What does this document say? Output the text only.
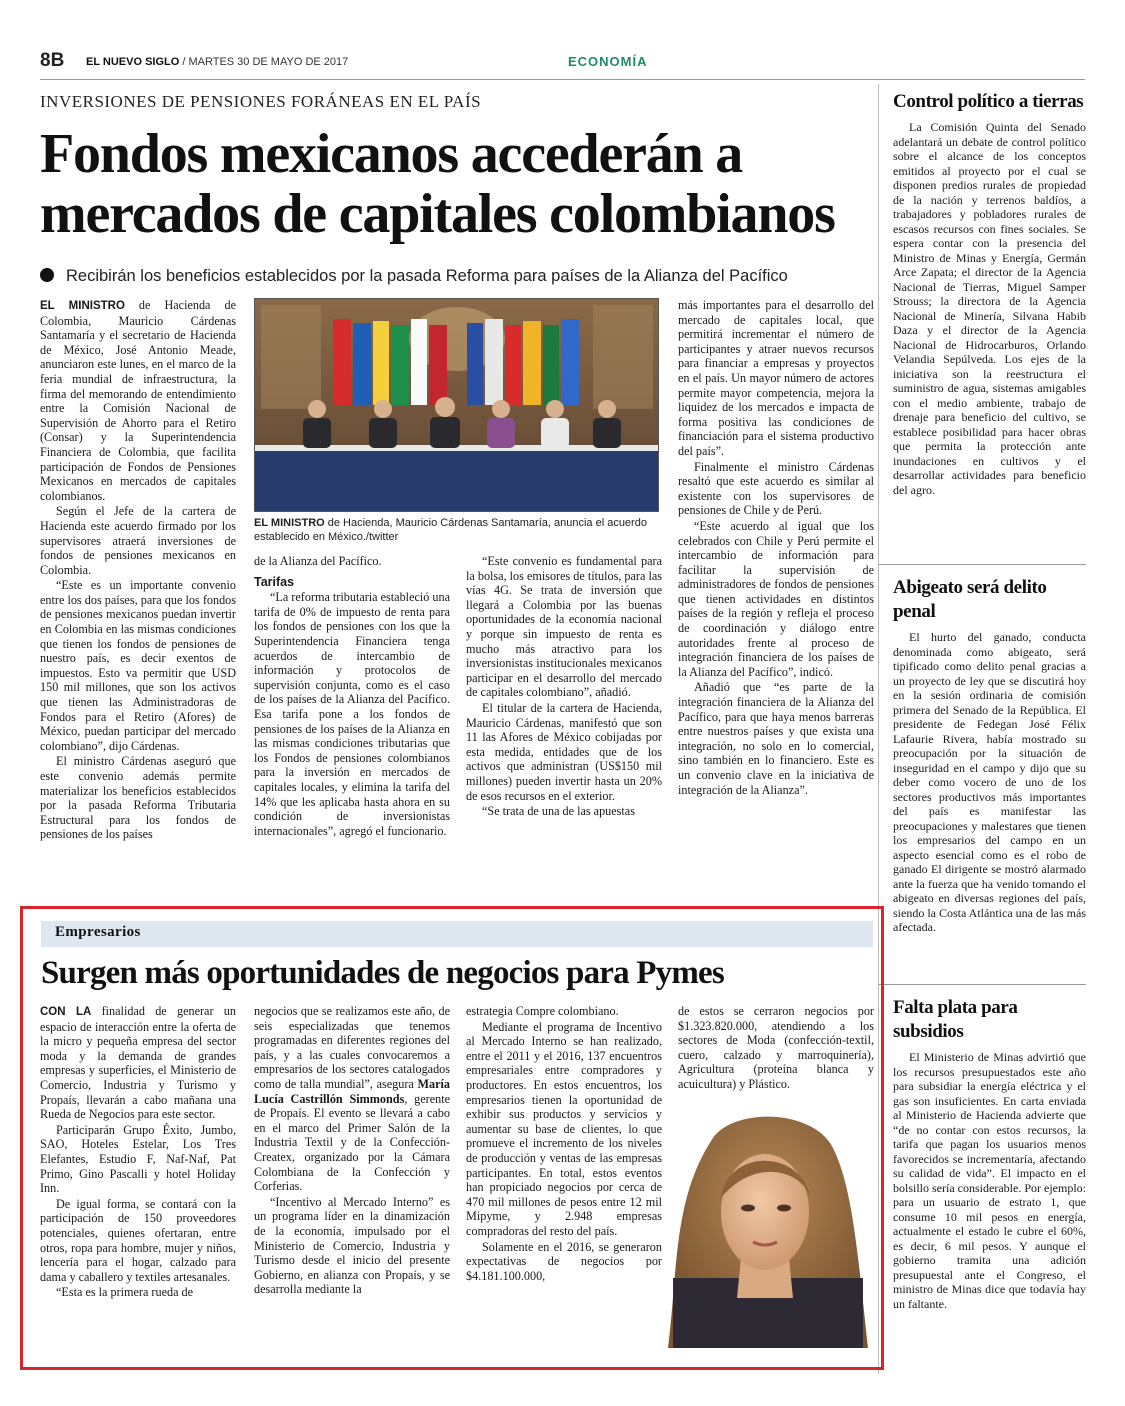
8B EL NUEVO SIGLO / MARTES 30 DE MAYO DE 2017	ECONOMÍA
INVERSIONES DE PENSIONES FORÁNEAS EN EL PAÍS
Fondos mexicanos accederán a mercados de capitales colombianos
Recibirán los beneficios establecidos por la pasada Reforma para países de la Alianza del Pacífico

EL MINISTRO de Hacienda de Colombia, Mauricio Cárdenas Santamaría y el secretario de Hacienda de México, José Antonio Meade, anunciaron este lunes, en el marco de la feria mundial de infraestructura, la firma del memorando de entendimiento entre la Comisión Nacional de Supervisión de Ahorro para el Retiro (Consar) y la Superintendencia Financiera de Colombia, que facilita participación de Fondos de Pensiones Mexicanos en mercados de capitales colombianos.

Según el Jefe de la cartera de Hacienda este acuerdo firmado por los supervisores atraerá inversiones de fondos de pensiones mexicanos en Colombia.

“Este es un importante convenio entre los dos países, para que los fondos de pensiones mexicanos puedan invertir en Colombia en las mismas condiciones que tienen los fondos de pensiones de nuestro país, es decir exentos de impuestos. Esto va permitir que USD 150 mil millones, que son los activos que tienen las Administradoras de Fondos para el Retiro (Afores) de México, puedan participar del mercado colombiano”, dijo Cárdenas.

El ministro Cárdenas aseguró que este convenio además permite materializar los beneficios establecidos por la pasada Reforma Tributaria Estructural para los fondos de pensiones de los países

EL MINISTRO de Hacienda, Mauricio Cárdenas Santamaría, anuncia el acuerdo establecido en México./twitter

de la Alianza del Pacífico.

Tarifas

“La reforma tributaria estableció una tarifa de 0% de impuesto de renta para los fondos de pensiones con los que la Superintendencia Financiera tenga acuerdos de intercambio de información y protocolos de supervisión conjunta, como es el caso de los países de la Alianza del Pacífico. Esa tarifa pone a los fondos de pensiones de los países de la Alianza en las mismas condiciones tributarias que los Fondos de pensiones colombianos para la inversión en mercados de capitales locales, y elimina la tarifa del 14% que les aplicaba hasta ahora en su condición de inversionistas internacionales”, agregó el funcionario.

“Este convenio es fundamental para la bolsa, los emisores de títulos, para las vías 4G. Se trata de inversión que llegará a Colombia por las buenas oportunidades de la economía nacional y porque sin impuesto de renta es mucho más atractivo para los inversionistas institucionales mexicanos participar en el desarrollo del mercado de capitales colombiano”, añadió.

El titular de la cartera de Hacienda, Mauricio Cárdenas, manifestó que son 11 las Afores de México cobijadas por esta medida, entidades que de los activos que administran (US$150 mil millones) pueden invertir hasta un 20% de esos recursos en el exterior.

“Se trata de una de las apuestas

más importantes para el desarrollo del mercado de capitales local, que permitirá incrementar el número de participantes y atraer nuevos recursos para financiar a empresas y proyectos en el país. Un mayor número de actores permite mayor competencia, mejora la liquidez de los mercados e impacta de forma positiva las condiciones de financiación para el sistema productivo del país”.

Finalmente el ministro Cárdenas resaltó que este acuerdo es similar al existente con los supervisores de pensiones de Chile y de Perú.

“Este acuerdo al igual que los celebrados con Chile y Perú permite el intercambio de información para facilitar la supervisión de administradores de fondos de pensiones que tienen actividades en distintos países de la región y refleja el proceso de coordinación y diálogo entre autoridades frente al proceso de integración financiera de los países de la Alianza del Pacífico”, indicó.

Añadió que “es parte de la integración financiera de la Alianza del Pacífico, para que haya menos barreras entre nuestros países y que exista una integración, no solo en lo comercial, sino también en lo financiero. Este es un convenio clave en la iniciativa de integración de la Alianza”.

Control político a tierras

La Comisión Quinta del Senado adelantará un debate de control político sobre el alcance de los conceptos emitidos al proyecto por el cual se disponen predios rurales de propiedad de la nación y terrenos baldíos, a trabajadores y pobladores rurales de escasos recursos con fines sociales. Se espera contar con la presencia del Ministro de Minas y Energía, Germán Arce Zapata; el director de la Agencia Nacional de Tierras, Miguel Samper Strouss; la directora de la Agencia Nacional de Minería, Silvana Habib Daza y el director de la Agencia Nacional de Hidrocarburos, Orlando Velandia Sepúlveda. Los ejes de la iniciativa son la reestructura el suministro de agua, sistemas amigables con el medio ambiente, trabajo de drenaje para beneficio del cultivo, se establece posibilidad para hacer obras que permita la protección ante inundaciones en cultivos y el desarrollar actividades para beneficio del agro.

Abigeato será delito penal

El hurto del ganado, conducta denominada como abigeato, será tipificado como delito penal gracias a un proyecto de ley que se discutirá hoy en la sesión ordinaria de comisión primera del Senado de la República. El presidente de Fedegan José Félix Lafaurie Rivera, había mostrado su preocupación por la situación de inseguridad en el campo y dijo que su deber como vocero de uno de los sectores productivos más importantes del país es manifestar las preocupaciones y malestares que tienen los empresarios del campo en un aspecto esencial como es el robo de ganado El dirigente se mostró alarmado ante la fuerza que ha venido tomando el abigeato en diversas regiones del país, siendo la Costa Atlántica una de las más afectada.

Falta plata para subsidios

El Ministerio de Minas advirtió que los recursos presupuestados este año para subsidiar la energía eléctrica y el gas son insuficientes. En carta enviada al Ministerio de Hacienda advierte que “de no contar con estos recursos, la tarifa que pagan los usuarios menos favorecidos se incrementaría, afectando su calidad de vida”. El impacto en el bolsillo sería considerable. Por ejemplo: para un usuario de estrato 1, que consume 10 mil pesos en energía, actualmente el estado le cubre el 60%, es decir, 6 mil pesos. Y aunque el gobierno tramita una adición presupuestal ante el Congreso, el ministro de Minas dice que todavía hay un faltante.

Empresarios
Surgen más oportunidades de negocios para Pymes

CON LA finalidad de generar un espacio de interacción entre la oferta de la micro y pequeña empresa del sector moda y la demanda de grandes empresas y superficies, el Ministerio de Comercio, Industria y Turismo y Propaís, llevarán a cabo mañana una Rueda de Negocios para este sector.

Participarán Grupo Éxito, Jumbo, SAO, Hoteles Estelar, Los Tres Elefantes, Estudio F, Naf-Naf, Pat Primo, Gino Pascalli y hotel Holiday Inn.

De igual forma, se contará con la participación de 150 proveedores potenciales, quienes ofertaran, entre otros, ropa para hombre, mujer y niños, lencería para el hogar, calzado para dama y caballero y textiles artesanales.

“Esta es la primera rueda de

negocios que se realizamos este año, de seis especializadas que tenemos programadas en diferentes regiones del país, y a las cuales convocaremos a empresarios de los sectores catalogados como de talla mundial”, asegura María Lucía Castrillón Simmonds, gerente de Propaís. El evento se llevará a cabo en el marco del Primer Salón de la Industria Textil y de la Confección- Createx, organizado por la Cámara Colombiana de la Confección y Corferias.

“Incentivo al Mercado Interno” es un programa líder en la dinamización de la economía, impulsado por el Ministerio de Comercio, Industria y Turismo desde el inicio del presente Gobierno, en alianza con Propaís, y se desarrolla mediante la

estrategia Compre colombiano.

Mediante el programa de Incentivo al Mercado Interno se han realizado, entre el 2011 y el 2016, 137 encuentros empresariales entre compradores y productores. En estos encuentros, los empresarios tienen la oportunidad de exhibir sus productos y servicios y aumentar su base de clientes, lo que promueve el incremento de los niveles de producción y ventas de las empresas participantes. En total, estos eventos han propiciado negocios por cerca de 470 mil millones de pesos entre 12 mil Mipyme, y 2.948 empresas compradoras del resto del país.

Solamente en el 2016, se generaron expectativas de negocios por $4.181.100.000,

de estos se cerraron negocios por $1.323.820.000, atendiendo a los sectores de Moda (confección-textil, cuero, calzado y marroquinería), Agricultura (proteína blanca y acuicultura) y Plástico.
